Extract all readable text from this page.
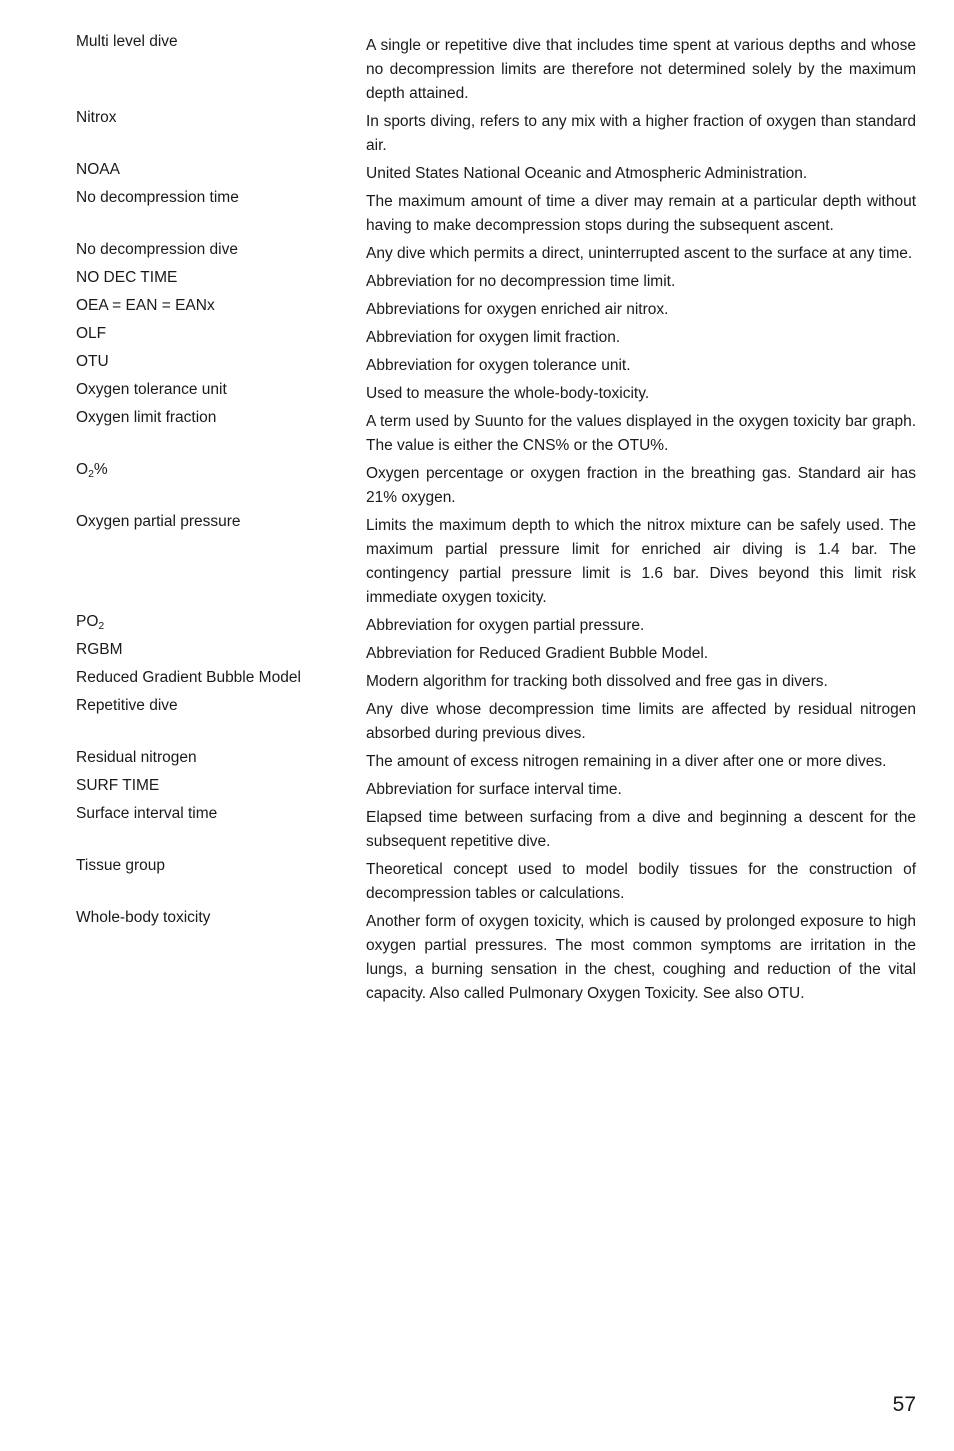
Multi level dive	A single or repetitive dive that includes time spent at various depths and whose no decompression limits are therefore not determined solely by the maximum depth attained.
Nitrox	In sports diving, refers to any mix with a higher fraction of oxygen than standard air.
NOAA	United States National Oceanic and Atmospheric Administration.
No decompression time	The maximum amount of time a diver may remain at a particular depth without having to make decompression stops during the subsequent ascent.
No decompression dive	Any dive which permits a direct, uninterrupted ascent to the surface at any time.
NO DEC TIME	Abbreviation for no decompression time limit.
OEA = EAN = EANx	Abbreviations for oxygen enriched air nitrox.
OLF	Abbreviation for oxygen limit fraction.
OTU	Abbreviation for oxygen tolerance unit.
Oxygen tolerance unit	Used to measure the whole-body-toxicity.
Oxygen limit fraction	A term used by Suunto for the values displayed in the oxygen toxicity bar graph. The value is either the CNS% or the OTU%.
$O_2\%$	Oxygen percentage or oxygen fraction in the breathing gas. Standard air has 21% oxygen.
Oxygen partial pressure	Limits the maximum depth to which the nitrox mixture can be safely used. The maximum partial pressure limit for enriched air diving is 1.4 bar. The contingency partial pressure limit is 1.6 bar. Dives beyond this limit risk immediate oxygen toxicity.
$PO_2$	Abbreviation for oxygen partial pressure.
RGBM	Abbreviation for Reduced Gradient Bubble Model.
Reduced Gradient Bubble Model	Modern algorithm for tracking both dissolved and free gas in divers.
Repetitive dive	Any dive whose decompression time limits are affected by residual nitrogen absorbed during previous dives.
Residual nitrogen	The amount of excess nitrogen remaining in a diver after one or more dives.
SURF TIME	Abbreviation for surface interval time.
Surface interval time	Elapsed time between surfacing from a dive and beginning a descent for the subsequent repetitive dive.
Tissue group	Theoretical concept used to model bodily tissues for the construction of decompression tables or calculations.
Whole-body toxicity	Another form of oxygen toxicity, which is caused by prolonged exposure to high oxygen partial pressures. The most common symptoms are irritation in the lungs, a burning sensation in the chest, coughing and reduction of the vital capacity. Also called Pulmonary Oxygen Toxicity. See also OTU.
57
